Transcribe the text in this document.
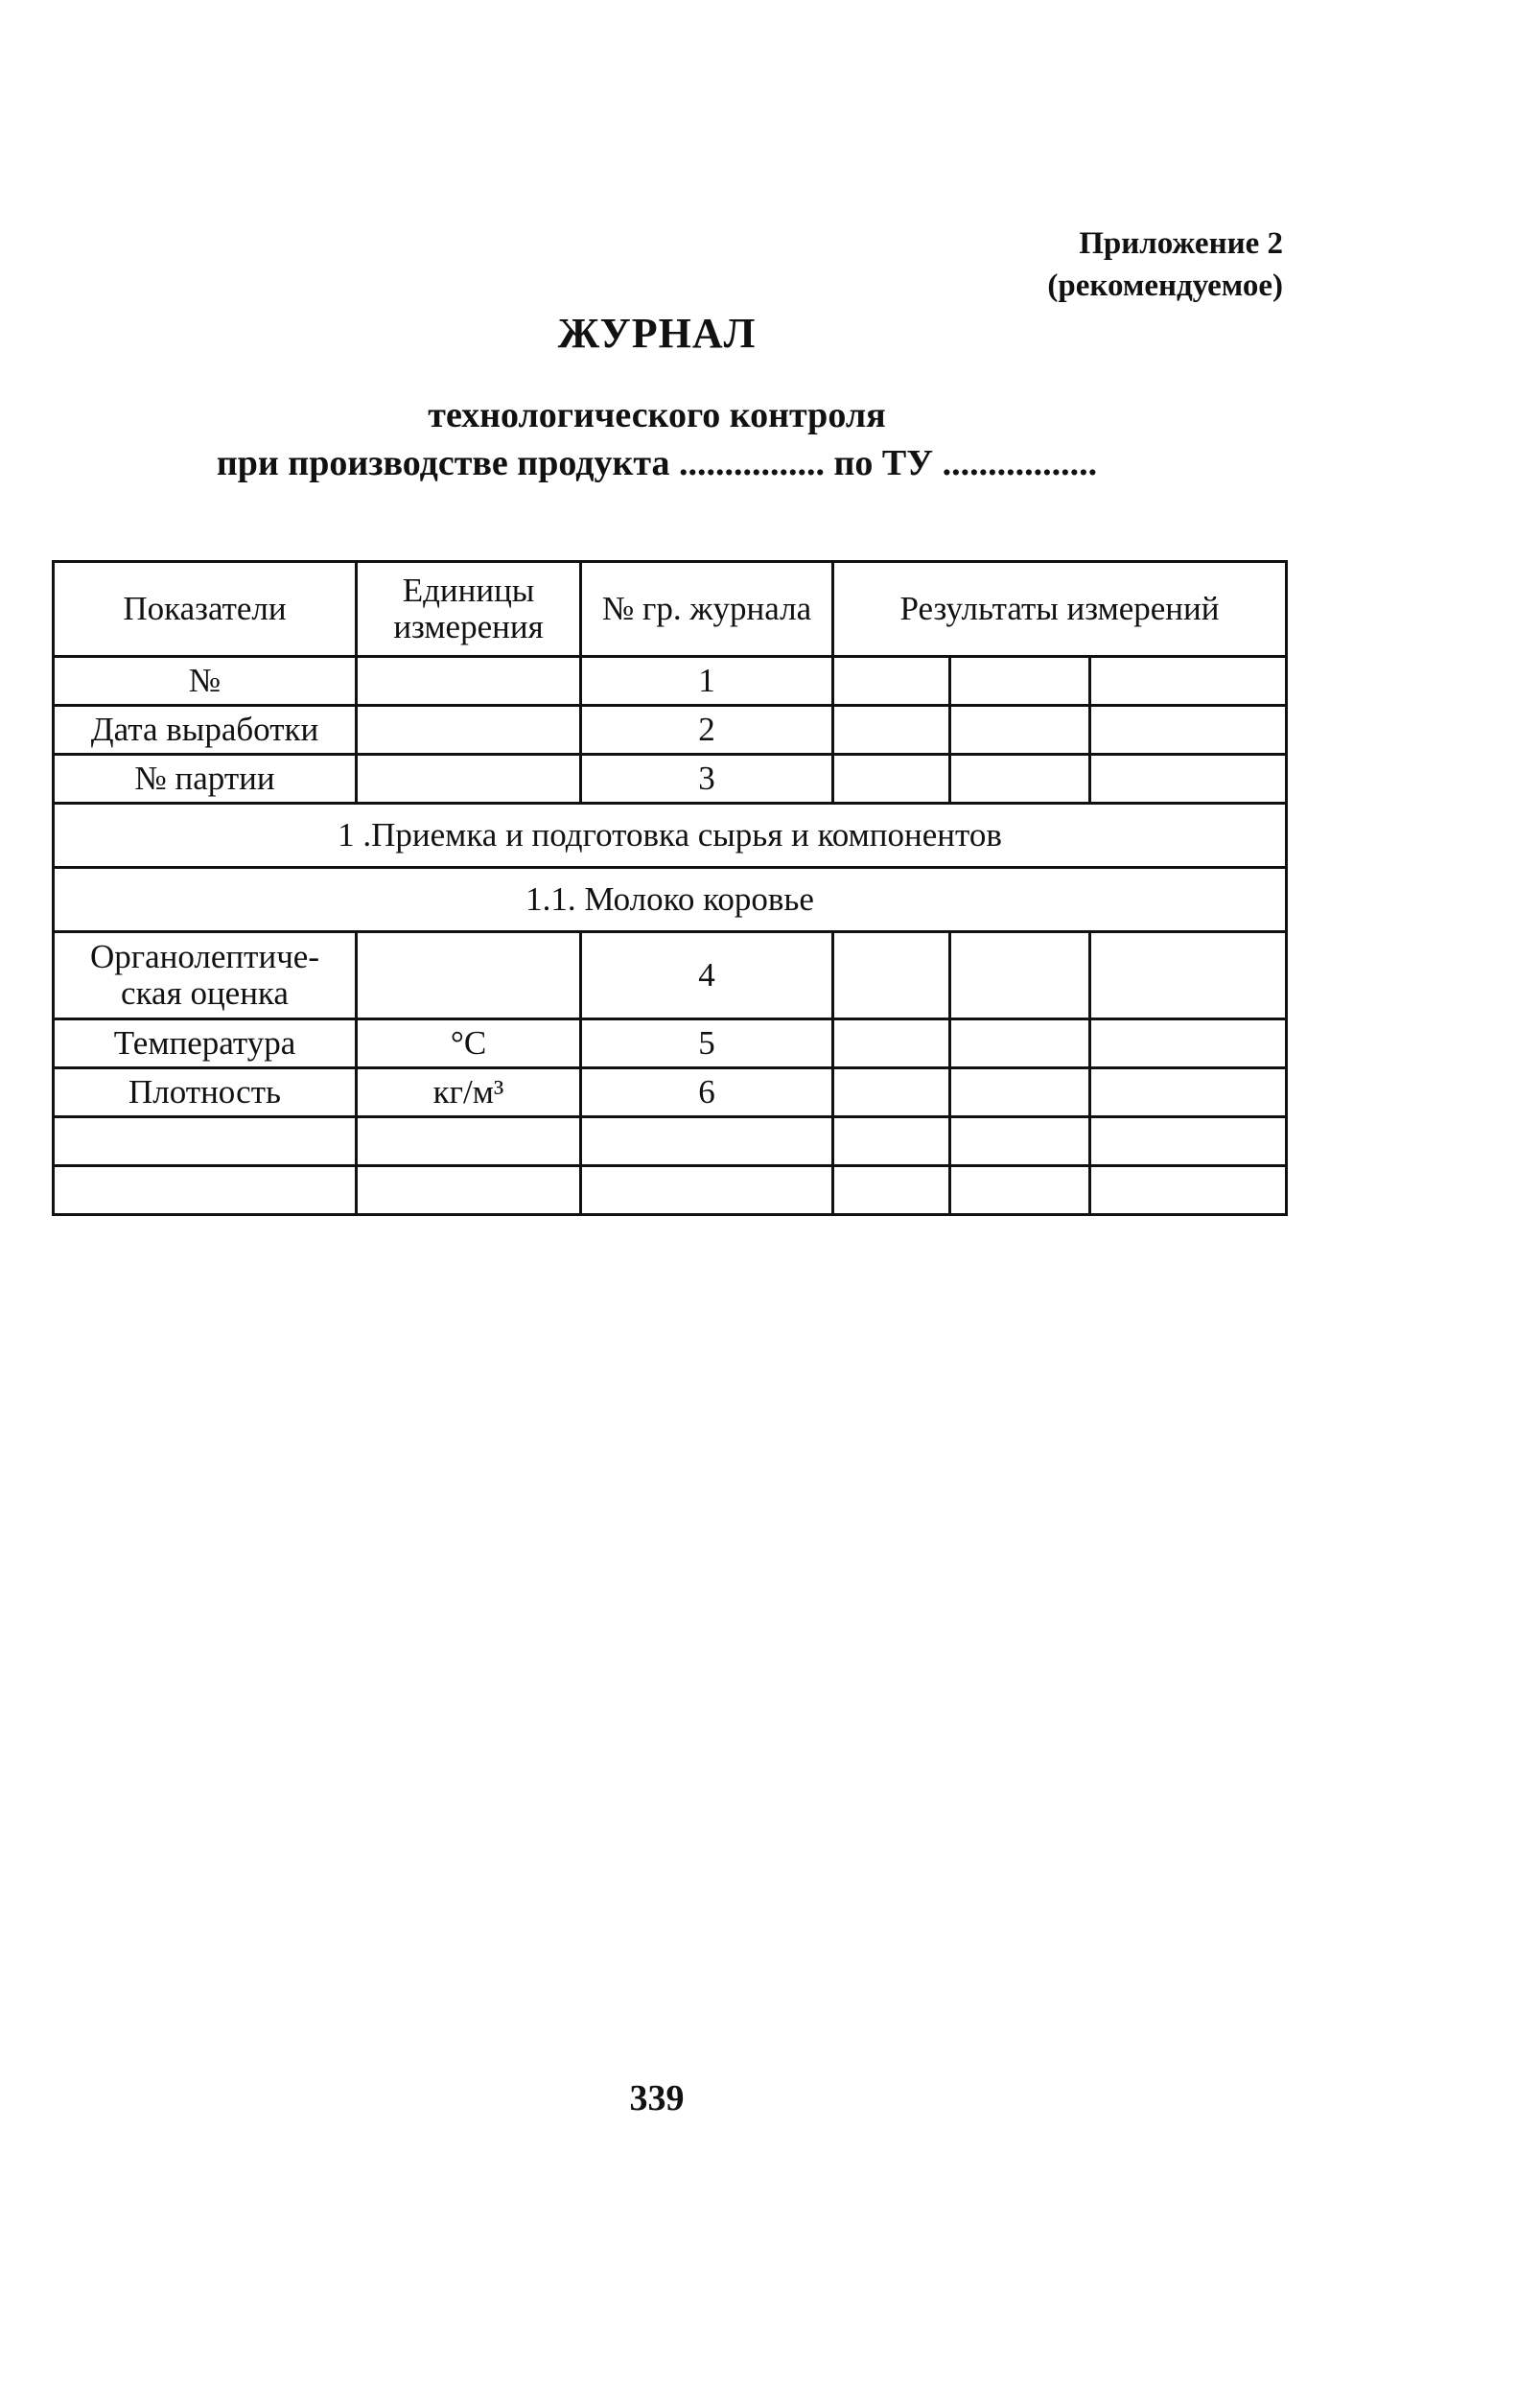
Приложение 2
(рекомендуемое)
ЖУРНАЛ
технологического контроля
при производстве продукта ................ по ТУ .................
Показатели	Единицы измерения	№ гр. журнала	Результаты измерений		
№		1			
Дата выработки		2			
№ партии		3			
1 .Приемка и подготовка сырья и компонентов					
1.1. Молоко коровье					
Органолептиче-ская оценка		4			
Температура	°С	5			
Плотность	кг/м³	6			

339
